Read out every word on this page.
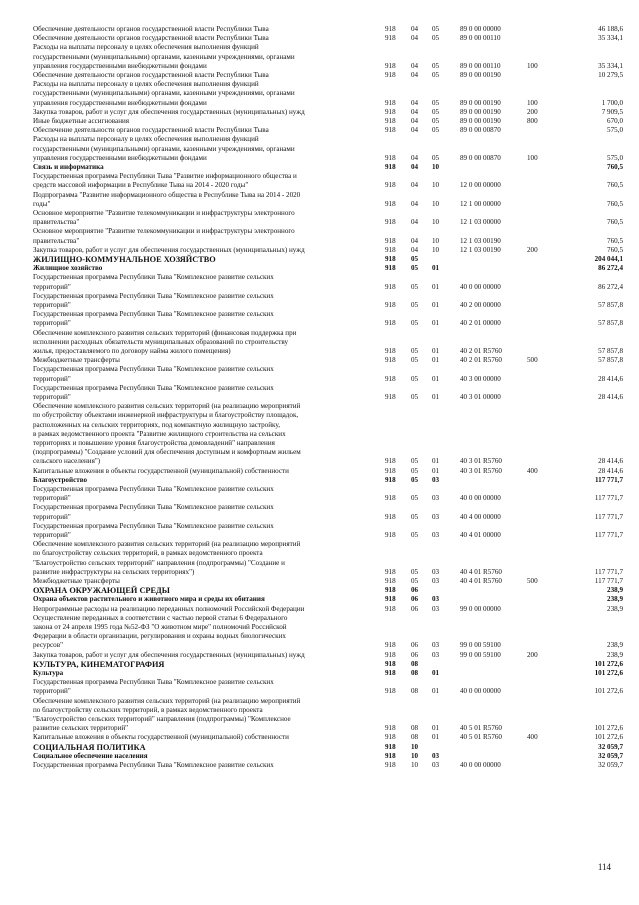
Обеспечение деятельности органов государственной власти Республики Тыва	918 04 05	89 0 00 00000	46 188,6
Обеспечение деятельности органов государственной власти Республики Тыва	918 04 05	89 0 00 00110	35 334,1
Расходы на выплаты персоналу в целях обеспечения выполнения функций
государственными (муниципальными) органами, казенными учреждениями, органами
управления государственными внебюджетными фондами	918 04 05	89 0 00 00110	100	35 334,1
Обеспечение деятельности органов государственной власти Республики Тыва	918 04 05	89 0 00 00190	10 279,5
Расходы на выплаты персоналу в целях обеспечения выполнения функций
государственными (муниципальными) органами, казенными учреждениями, органами
управления государственными внебюджетными фондами	918 04 05	89 0 00 00190	100	1 700,0
Закупка товаров, работ и услуг для обеспечения государственных (муниципальных) нужд	918 04 05	89 0 00 00190	200	7 909,5
Иные бюджетные ассигнования	918 04 05	89 0 00 00190	800	670,0
Обеспечение деятельности органов государственной власти Республики Тыва	918 04 05	89 0 00 00870	575,0
Расходы на выплаты персоналу в целях обеспечения выполнения функций
государственными (муниципальными) органами, казенными учреждениями, органами
управления государственными внебюджетными фондами	918 04 05	89 0 00 00870	100	575,0
Связь и информатика	918 04 10	760,5
Государственная программа Республики Тыва "Развитие информационного общества и
средств массовой информации в Республике Тыва на 2014 - 2020 годы"	918 04 10	12 0 00 00000	760,5
Подпрограмма "Развитие информационного общества в Республике Тыва на 2014 - 2020
годы"	918 04 10	12 1 00 00000	760,5
Основное мероприятие "Развитие телекоммуникации и инфраструктуры электронного
правительства"	918 04 10	12 1 03 00000	760,5
Основное мероприятие "Развитие телекоммуникации и инфраструктуры электронного
правительства"	918 04 10	12 1 03 00190	760,5
Закупка товаров, работ и услуг для обеспечения государственных (муниципальных) нужд	918 04 10	12 1 03 00190	200	760,5
ЖИЛИЩНО-КОММУНАЛЬНОЕ ХОЗЯЙСТВО	918 05	204 044,1
Жилищное хозяйство	918 05 01	86 272,4
Государственная программа Республики Тыва "Комплексное развитие сельских
территорий"	918 05 01	40 0 00 00000	86 272,4
Государственная программа Республики Тыва "Комплексное развитие сельских
территорий"	918 05 01	40 2 00 00000	57 857,8
Государственная программа Республики Тыва "Комплексное развитие сельских
территорий"	918 05 01	40 2 01 00000	57 857,8
Обеспечение комплексного развития сельских территорий (финансовая поддержка при
исполнении расходных обязательств муниципальных образований по строительству
жилья, предоставляемого по договору найма жилого помещения)	918 05 01	40 2 01 R5760	57 857,8
Межбюджетные трансферты	918 05 01	40 2 01 R5760	500	57 857,8
Государственная программа Республики Тыва "Комплексное развитие сельских
территорий"	918 05 01	40 3 00 00000	28 414,6
Государственная программа Республики Тыва "Комплексное развитие сельских
территорий"	918 05 01	40 3 01 00000	28 414,6
Обеспечение комплексного развития сельских территорий (на реализацию мероприятий
по обустройству объектами инженерной инфраструктуры и благоустройству площадок,
расположенных на сельских территориях, под компактную жилищную застройку,
в рамках ведомственного проекта "Развитие жилищного строительства на сельских
территориях и повышение уровня благоустройства домовладений" направления
(подпрограммы) "Создание условий для обеспечения доступным и комфортным жильем
сельского населения")	918 05 01	40 3 01 R5760	28 414,6
Капитальные вложения в объекты государственной (муниципальной) собственности	918 05 01	40 3 01 R5760	400	28 414,6
Благоустройство	918 05 03	117 771,7
Государственная программа Республики Тыва "Комплексное развитие сельских
территорий"	918 05 03	40 0 00 00000	117 771,7
Государственная программа Республики Тыва "Комплексное развитие сельских
территорий"	918 05 03	40 4 00 00000	117 771,7
Государственная программа Республики Тыва "Комплексное развитие сельских
территорий"	918 05 03	40 4 01 00000	117 771,7
Обеспечение комплексного развития сельских территорий (на реализацию мероприятий
по благоустройству сельских территорий, в рамках ведомственного проекта
"Благоустройство сельских территорий" направления (подпрограммы) "Создание и
развитие инфраструктуры на сельских территориях")	918 05 03	40 4 01 R5760	117 771,7
Межбюджетные трансферты	918 05 03	40 4 01 R5760	500	117 771,7
ОХРАНА ОКРУЖАЮЩЕЙ СРЕДЫ	918 06	238,9
Охрана объектов растительного и животного мира и среды их обитания	918 06 03	238,9
Непрограммные расходы на реализацию переданных полномочий Российской Федерации	918 06 03	99 0 00 00000	238,9
Осуществление переданных в соответствии с частью первой статьи 6 Федерального
закона от 24 апреля 1995 года №52-ФЗ "О животном мире" полномочий Российской
Федерации в области организации, регулирования и охраны водных биологических
ресурсов"	918 06 03	99 0 00 59100	238,9
Закупка товаров, работ и услуг для обеспечения государственных (муниципальных) нужд	918 06 03	99 0 00 59100	200	238,9
КУЛЬТУРА, КИНЕМАТОГРАФИЯ	918 08	101 272,6
Культура	918 08 01	101 272,6
Государственная программа Республики Тыва "Комплексное развитие сельских
территорий"	918 08 01	40 0 00 00000	101 272,6
Обеспечение комплексного развития сельских территорий (на реализацию мероприятий
по благоустройству сельских территорий, в рамках ведомственного проекта
"Благоустройство сельских территорий" направления (подпрограммы) "Комплексное
развитие сельских территорий"	918 08 01	40 5 01 R5760	101 272,6
Капитальные вложения в объекты государственной (муниципальной) собственности	918 08 01	40 5 01 R5760	400	101 272,6
СОЦИАЛЬНАЯ ПОЛИТИКА	918 10	32 059,7
Социальное обеспечение населения	918 10 03	32 059,7
Государственная программа Республики Тыва "Комплексное развитие сельских	918 10 03	40 0 00 00000	32 059,7
114
